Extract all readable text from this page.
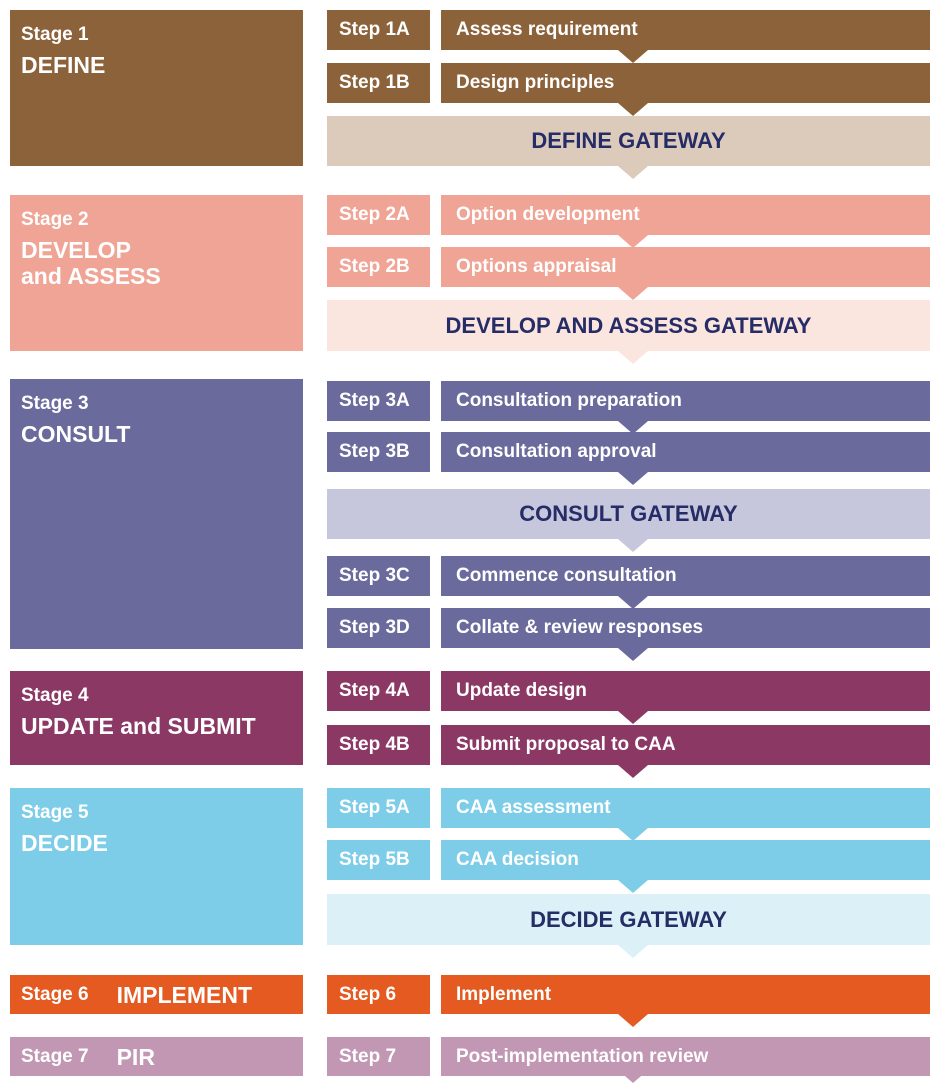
Stage 1
DEFINE
Stage 2
DEVELOP
and ASSESS
Stage 3
CONSULT
Stage 4
UPDATE and SUBMIT
Stage 5
DECIDE
Stage 6 IMPLEMENT
Stage 7 PIR
Step 1A	Assess requirement
Step 1B	Design principles
DEFINE GATEWAY
Step 2A	Option development
Step 2B	Options appraisal
DEVELOP AND ASSESS GATEWAY
Step 3A	Consultation preparation
Step 3B	Consultation approval
CONSULT GATEWAY
Step 3C	Commence consultation
Step 3D	Collate & review responses
Step 4A	Update design
Step 4B	Submit proposal to CAA
Step 5A	CAA assessment
Step 5B	CAA decision
DECIDE GATEWAY
Step 6	Implement
Step 7	Post-implementation review
